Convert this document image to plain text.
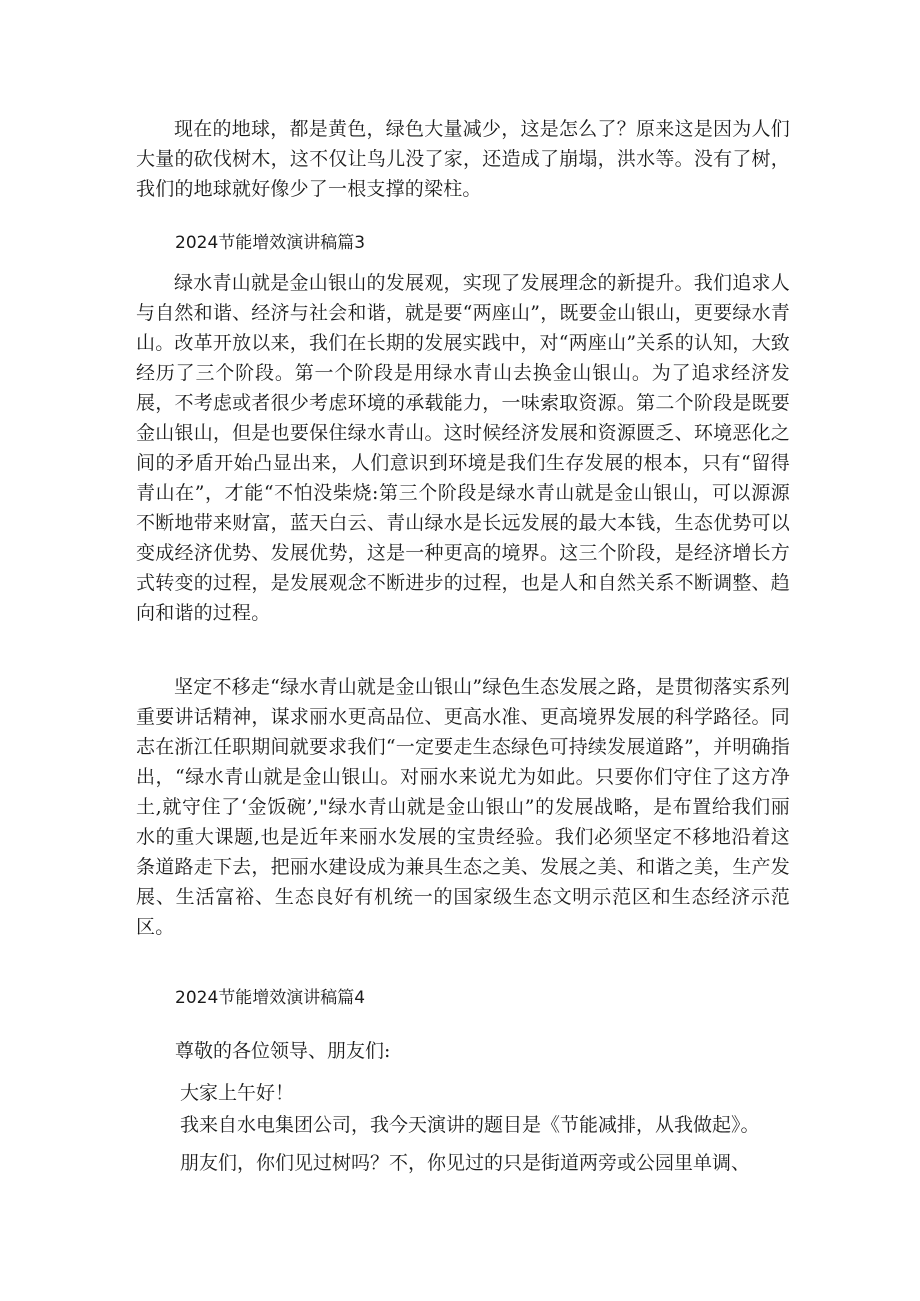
现在的地球，都是黄色，绿色大量减少，这是怎么了？原来这是因为人们大量的砍伐树木，这不仅让鸟儿没了家，还造成了崩塌，洪水等。没有了树，我们的地球就好像少了一根支撑的梁柱。

2024节能增效演讲稿篇3

绿水青山就是金山银山的发展观，实现了发展理念的新提升。我们追求人与自然和谐、经济与社会和谐，就是要“两座山”，既要金山银山，更要绿水青山。改革开放以来，我们在长期的发展实践中，对“两座山”关系的认知，大致经历了三个阶段。第一个阶段是用绿水青山去换金山银山。为了追求经济发展，不考虑或者很少考虑环境的承载能力，一味索取资源。第二个阶段是既要金山银山，但是也要保住绿水青山。这时候经济发展和资源匮乏、环境恶化之间的矛盾开始凸显出来，人们意识到环境是我们生存发展的根本，只有“留得青山在”，才能“不怕没柴烧:第三个阶段是绿水青山就是金山银山，可以源源不断地带来财富，蓝天白云、青山绿水是长远发展的最大本钱，生态优势可以变成经济优势、发展优势，这是一种更高的境界。这三个阶段，是经济增长方式转变的过程，是发展观念不断进步的过程，也是人和自然关系不断调整、趋向和谐的过程。

坚定不移走“绿水青山就是金山银山”绿色生态发展之路，是贯彻落实系列重要讲话精神，谋求丽水更高品位、更高水准、更高境界发展的科学路径。同志在浙江任职期间就要求我们“一定要走生态绿色可持续发展道路”，并明确指出，“绿水青山就是金山银山。对丽水来说尤为如此。只要你们守住了这方净土,就守住了‘金饭碗’,"绿水青山就是金山银山”的发展战略，是布置给我们丽水的重大课题,也是近年来丽水发展的宝贵经验。我们必须坚定不移地沿着这条道路走下去，把丽水建设成为兼具生态之美、发展之美、和谐之美，生产发展、生活富裕、生态良好有机统一的国家级生态文明示范区和生态经济示范区。

2024节能增效演讲稿篇4

尊敬的各位领导、朋友们:

大家上午好！

我来自水电集团公司，我今天演讲的题目是《节能减排，从我做起》。

朋友们，你们见过树吗？不，你见过的只是街道两旁或公园里单调、
